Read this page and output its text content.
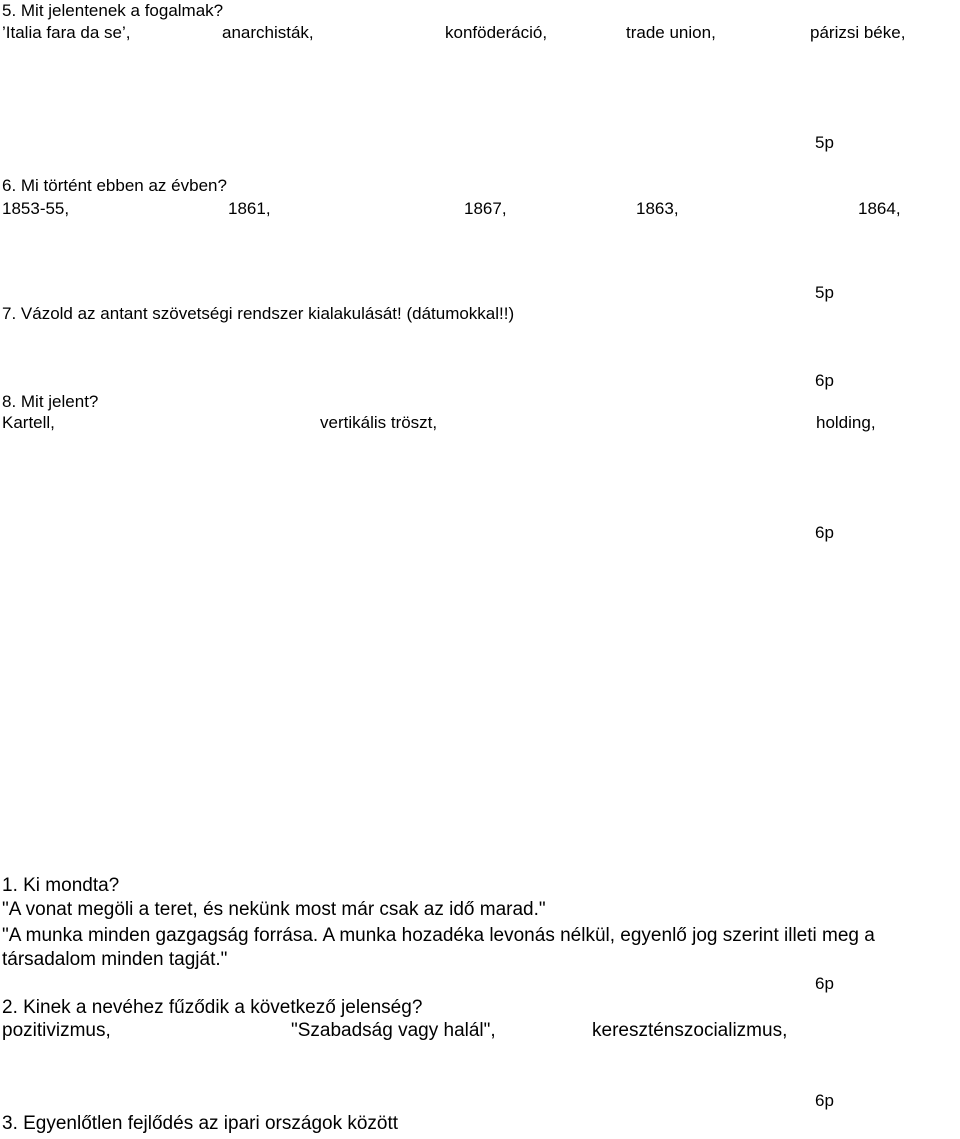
5. Mit jelentenek a fogalmak?
’Italia fara da se’,	anarchisták,	konföderáció,	trade union,	párizsi béke,
5p
6. Mi történt ebben az évben?
1853-55,	1861,	1867,	1863,	1864,
5p
7. Vázold az antant szövetségi rendszer kialakulását! (dátumokkal!!)
6p
8. Mit jelent?
Kartell,	vertikális tröszt,	holding,
6p
1. Ki mondta?
"A vonat megöli a teret, és nekünk most már csak az idő marad."
"A munka minden gazgagság forrása. A munka hozadéka levonás nélkül, egyenlő jog szerint illeti meg a
társadalom minden tagját."
6p
2. Kinek a nevéhez fűződik a következő jelenség?
pozitivizmus,	"Szabadság vagy halál",	kereszténszocializmus,
6p
3. Egyenlőtlen fejlődés az ipari országok között
